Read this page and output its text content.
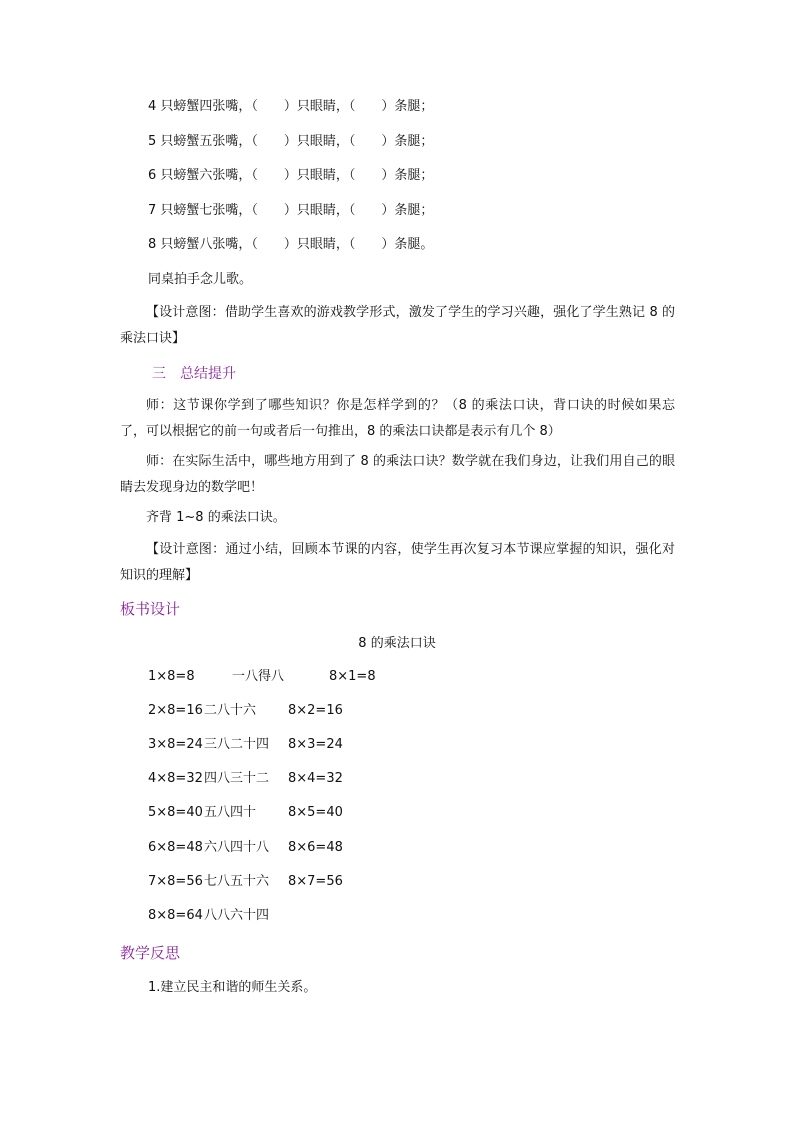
4 只螃蟹四张嘴，（　　）只眼睛，（　　）条腿；
5 只螃蟹五张嘴，（　　）只眼睛，（　　）条腿；
6 只螃蟹六张嘴，（　　）只眼睛，（　　）条腿；
7 只螃蟹七张嘴，（　　）只眼睛，（　　）条腿；
8 只螃蟹八张嘴，（　　）只眼睛，（　　）条腿。
同桌拍手念儿歌。
【设计意图：借助学生喜欢的游戏教学形式，激发了学生的学习兴趣，强化了学生熟记 8 的乘法口诀】
三　总结提升
师：这节课你学到了哪些知识？你是怎样学到的？（8 的乘法口诀，背口诀的时候如果忘了，可以根据它的前一句或者后一句推出，8 的乘法口诀都是表示有几个 8）
师：在实际生活中，哪些地方用到了 8 的乘法口诀？数学就在我们身边，让我们用自己的眼睛去发现身边的数学吧！
齐背 1~8 的乘法口诀。
【设计意图：通过小结，回顾本节课的内容，使学生再次复习本节课应掌握的知识，强化对知识的理解】
板书设计
8 的乘法口诀
1×8=8	一八得八	8×1=8
2×8=16 二八十六	8×2=16
3×8=24 三八二十四	8×3=24
4×8=32 四八三十二	8×4=32
5×8=40 五八四十	8×5=40
6×8=48 六八四十八	8×6=48
7×8=56 七八五十六	8×7=56
8×8=64 八八六十四
教学反思
1.建立民主和谐的师生关系。
